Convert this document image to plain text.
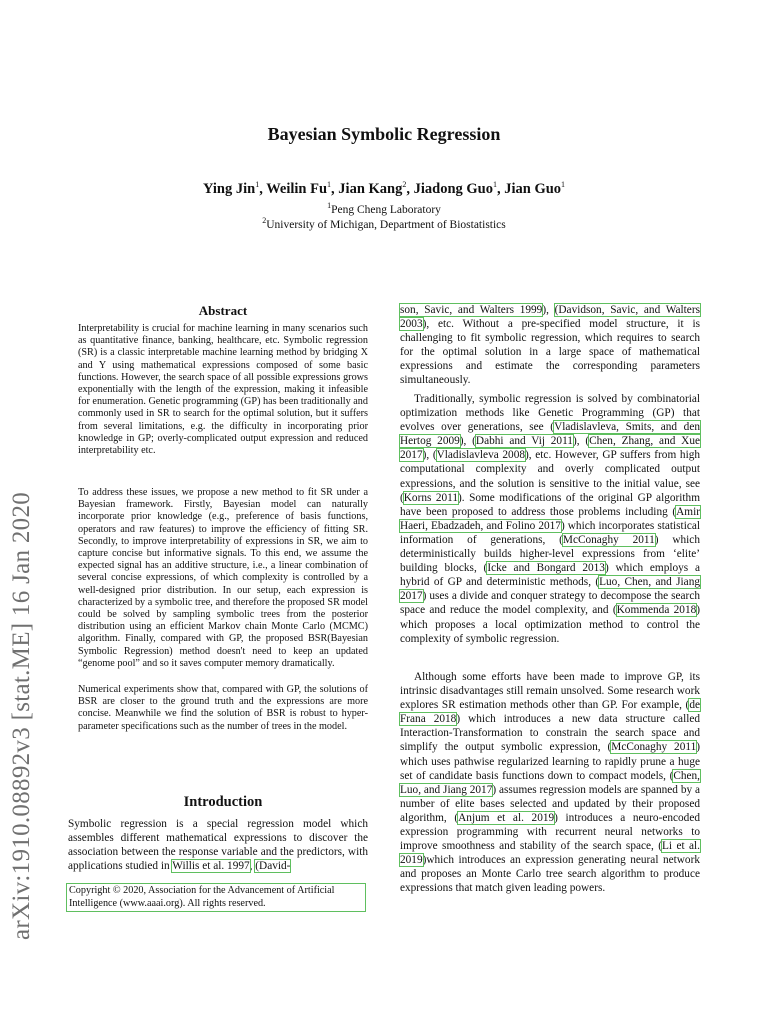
arXiv:1910.08892v3 [stat.ME] 16 Jan 2020
Bayesian Symbolic Regression
Ying Jin$^1$, Weilin Fu$^1$, Jian Kang$^2$, Jiadong Guo$^1$, Jian Guo$^1$
$^1$Peng Cheng Laboratory
$^2$University of Michigan, Department of Biostatistics
Abstract

Interpretability is crucial for machine learning in many scenarios such as quantitative finance, banking, healthcare, etc. Symbolic regression (SR) is a classic interpretable machine learning method by bridging X and Y using mathematical expressions composed of some basic functions. However, the search space of all possible expressions grows exponentially with the length of the expression, making it infeasible for enumeration. Genetic programming (GP) has been traditionally and commonly used in SR to search for the optimal solution, but it suffers from several limitations, e.g. the difficulty in incorporating prior knowledge in GP; overly-complicated output expression and reduced interpretability etc.

To address these issues, we propose a new method to fit SR under a Bayesian framework. Firstly, Bayesian model can naturally incorporate prior knowledge (e.g., preference of basis functions, operators and raw features) to improve the efficiency of fitting SR. Secondly, to improve interpretability of expressions in SR, we aim to capture concise but informative signals. To this end, we assume the expected signal has an additive structure, i.e., a linear combination of several concise expressions, of which complexity is controlled by a well-designed prior distribution. In our setup, each expression is characterized by a symbolic tree, and therefore the proposed SR model could be solved by sampling symbolic trees from the posterior distribution using an efficient Markov chain Monte Carlo (MCMC) algorithm. Finally, compared with GP, the proposed BSR(Bayesian Symbolic Regression) method doesn't need to keep an updated “genome pool” and so it saves computer memory dramatically.

Numerical experiments show that, compared with GP, the solutions of BSR are closer to the ground truth and the expressions are more concise. Meanwhile we find the solution of BSR is robust to hyper-parameter specifications such as the number of trees in the model.

Introduction

Symbolic regression is a special regression model which assembles different mathematical expressions to discover the association between the response variable and the predictors, with applications studied in Willis et al. 1997, (David-

Copyright © 2020, Association for the Advancement of Artificial Intelligence (www.aaai.org). All rights reserved.

son, Savic, and Walters 1999), (Davidson, Savic, and Walters 2003), etc. Without a pre-specified model structure, it is challenging to fit symbolic regression, which requires to search for the optimal solution in a large space of mathematical expressions and estimate the corresponding parameters simultaneously.

Traditionally, symbolic regression is solved by combinatorial optimization methods like Genetic Programming (GP) that evolves over generations, see (Vladislavleva, Smits, and den Hertog 2009), (Dabhi and Vij 2011), (Chen, Zhang, and Xue 2017), (Vladislavleva 2008), etc. However, GP suffers from high computational complexity and overly complicated output expressions, and the solution is sensitive to the initial value, see (Korns 2011). Some modifications of the original GP algorithm have been proposed to address those problems including (Amir Haeri, Ebadzadeh, and Folino 2017) which incorporates statistical information of generations, (McConaghy 2011) which deterministically builds higher-level expressions from ‘elite’ building blocks, (Icke and Bongard 2013) which employs a hybrid of GP and deterministic methods, (Luo, Chen, and Jiang 2017) uses a divide and conquer strategy to decompose the search space and reduce the model complexity, and (Kommenda 2018) which proposes a local optimization method to control the complexity of symbolic regression.

Although some efforts have been made to improve GP, its intrinsic disadvantages still remain unsolved. Some research work explores SR estimation methods other than GP. For example, (de Frana 2018) which introduces a new data structure called Interaction-Transformation to constrain the search space and simplify the output symbolic expression, (McConaghy 2011) which uses pathwise regularized learning to rapidly prune a huge set of candidate basis functions down to compact models, (Chen, Luo, and Jiang 2017) assumes regression models are spanned by a number of elite bases selected and updated by their proposed algorithm, (Anjum et al. 2019) introduces a neuro-encoded expression programming with recurrent neural networks to improve smoothness and stability of the search space, (Li et al. 2019)which introduces an expression generating neural network and proposes an Monte Carlo tree search algorithm to produce expressions that match given leading powers.
